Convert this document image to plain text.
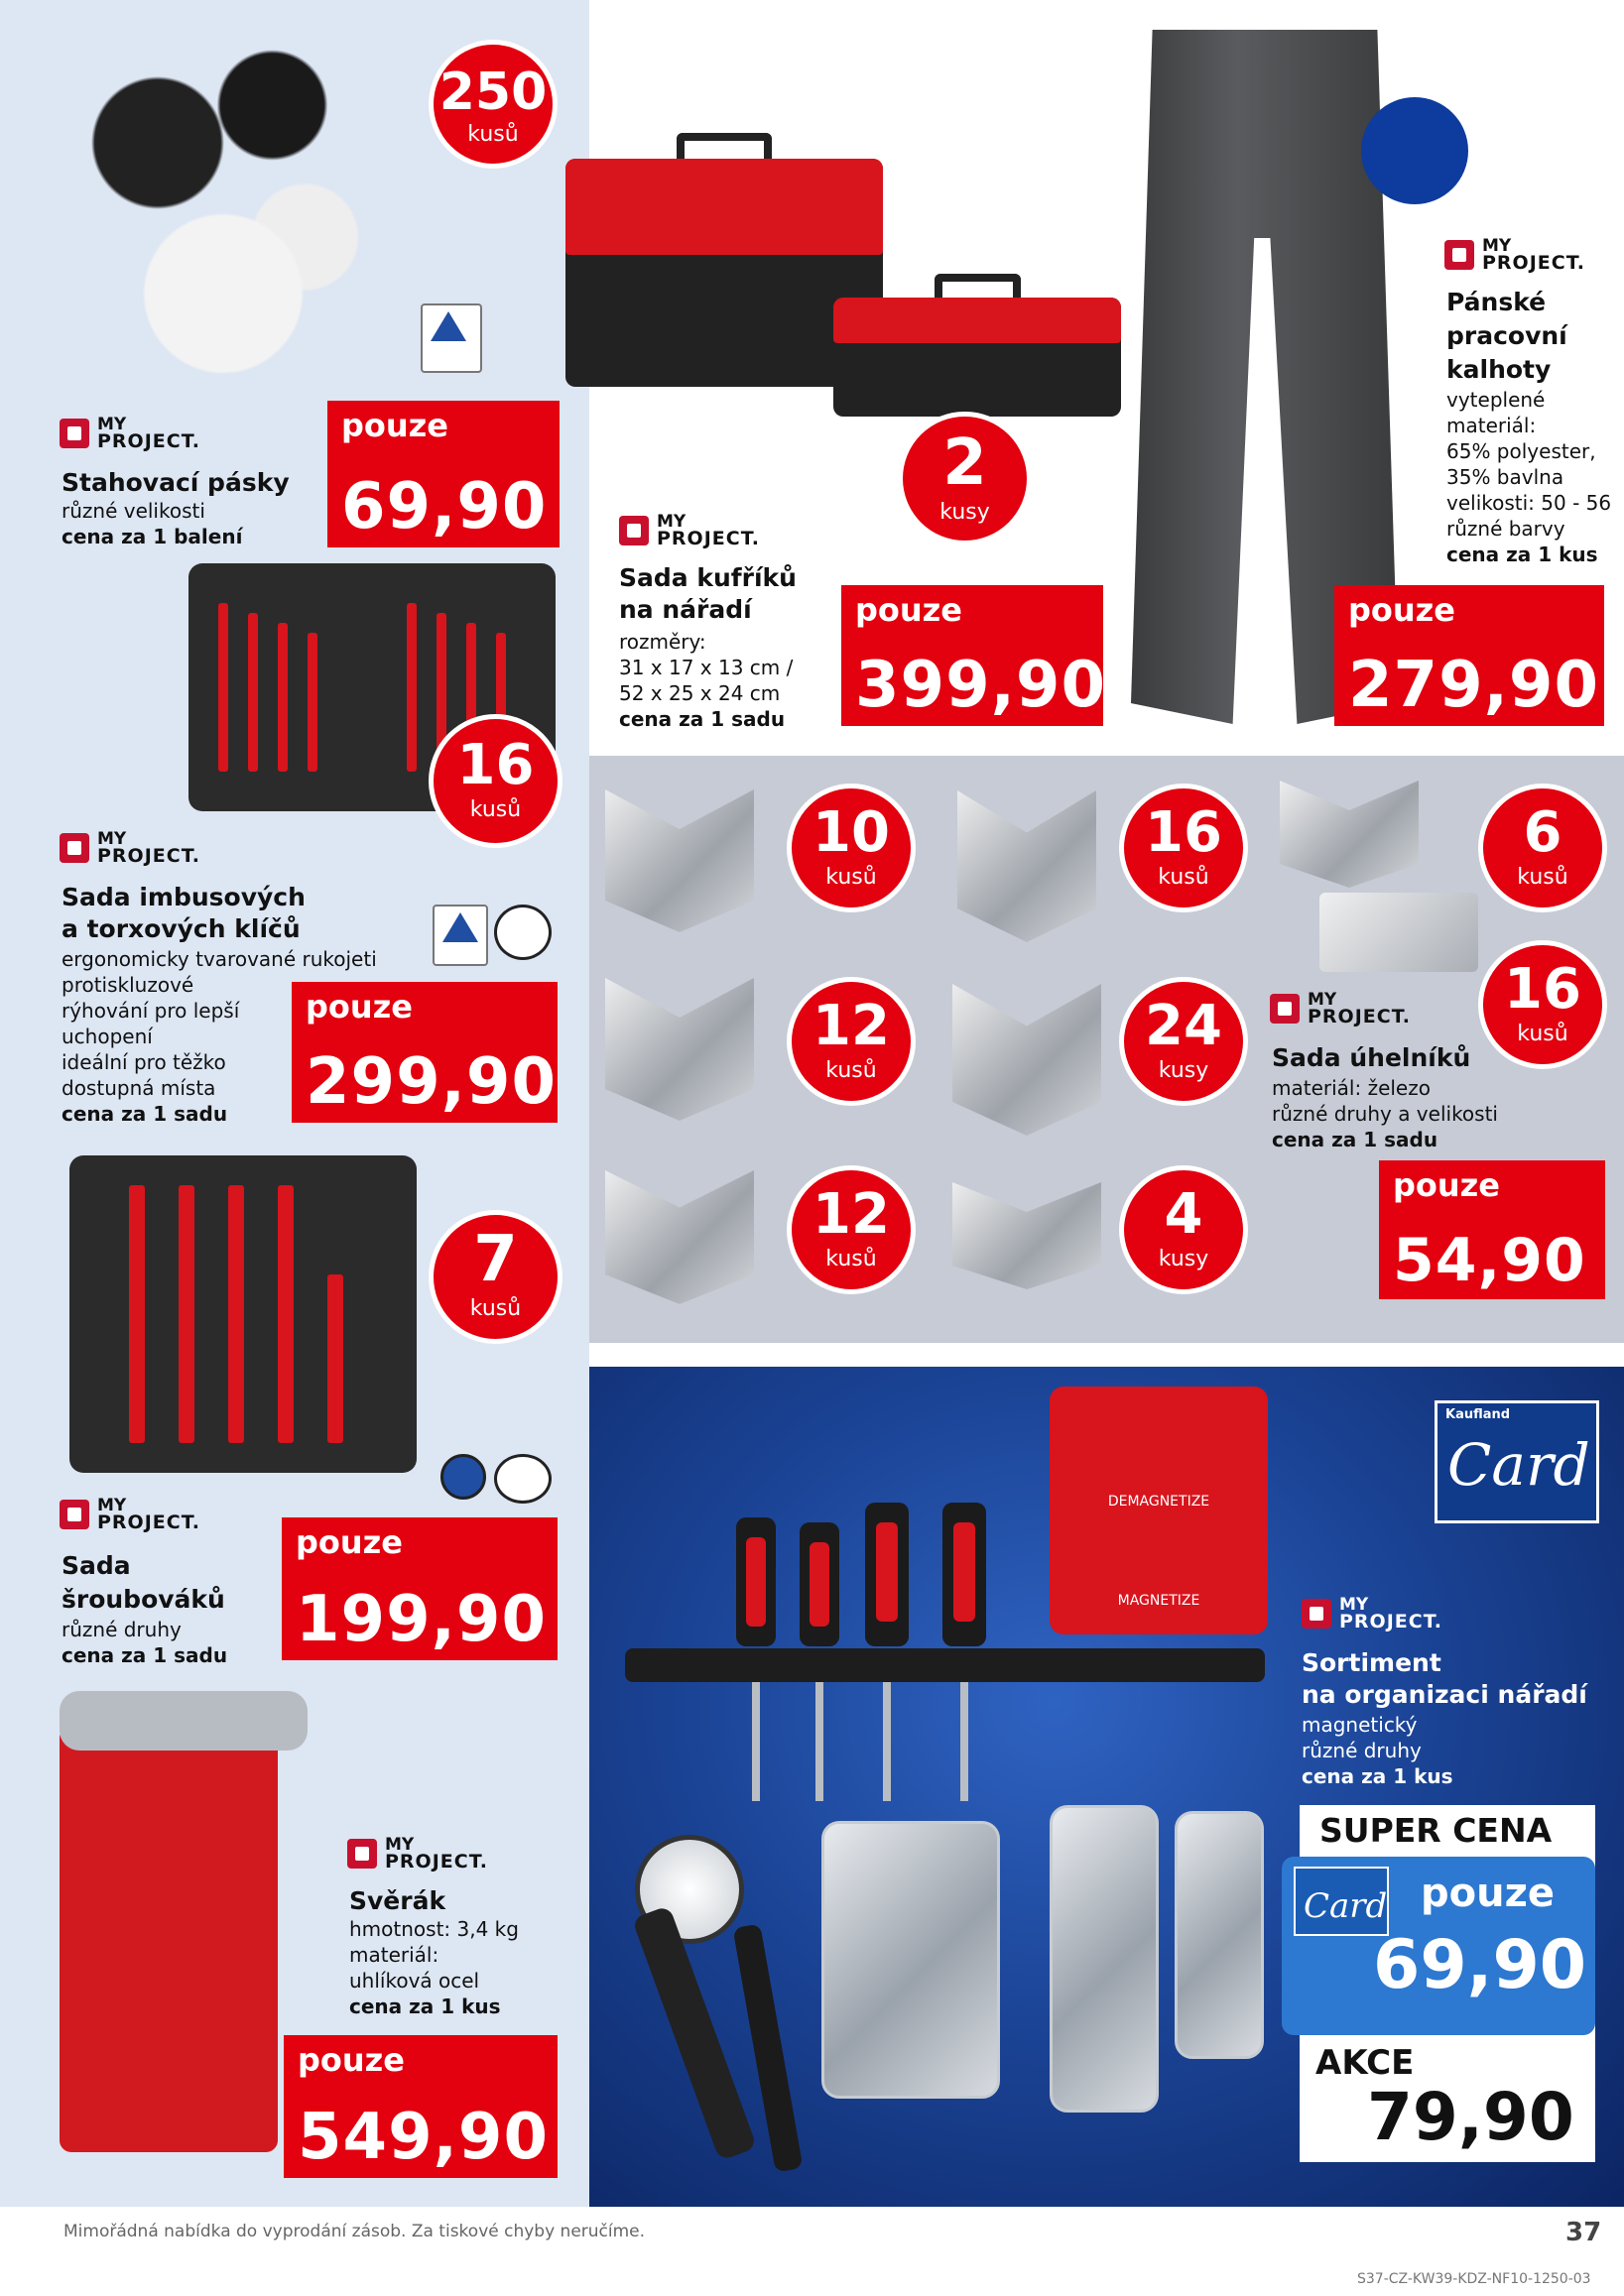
250
kusů
MY
PROJECT.
Stahovací pásky
různé velikosti
cena za 1 balení
pouze
69,90
2
kusy
MY
PROJECT.
Sada kufříků
na nářadí
rozměry:
31 x 17 x 13 cm /
52 x 25 x 24 cm
cena za 1 sadu
pouze
399,90
MY
PROJECT.
Pánské
pracovní
kalhoty
vyteplené
materiál:
65% polyester,
35% bavlna
velikosti: 50 - 56
různé barvy
cena za 1 kus
pouze
279,90
16
kusů
MY
PROJECT.
Sada imbusových
a torxových klíčů
ergonomicky tvarované rukojeti
protiskluzové
rýhování pro lepší
uchopení
ideální pro těžko
dostupná místa
cena za 1 sadu
pouze
299,90
7
kusů
MY
PROJECT.
Sada
šroubováků
různé druhy
cena za 1 sadu
pouze
199,90
MY
PROJECT.
Svěrák
hmotnost: 3,4 kg
materiál:
uhlíková ocel
cena za 1 kus
pouze
549,90
10
kusů
16
kusů
6
kusů
12
kusů
24
kusy
16
kusů
12
kusů
4
kusy
MY
PROJECT.
Sada úhelníků
materiál: železo
různé druhy a velikosti
cena za 1 sadu
pouze
54,90
DEMAGNETIZE
MAGNETIZE
Kaufland
Card
MY
PROJECT.
Sortiment
na organizaci nářadí
magnetický
různé druhy
cena za 1 kus
SUPER CENA
Card pouze
69,90
AKCE
79,90
Mimořádná nabídka do vyprodání zásob. Za tiskové chyby neručíme.	37
S37-CZ-KW39-KDZ-NF10-1250-03
